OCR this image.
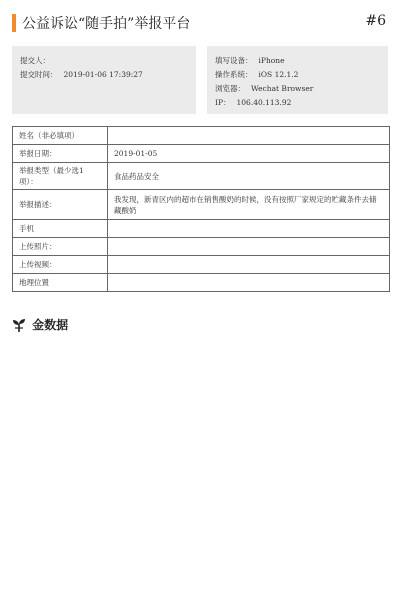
公益诉讼“随手拍”举报平台	#6
提交人：
提交时间： 2019-01-06 17:39:27
填写设备： iPhone
操作系统： iOS 12.1.2
浏览器： Wechat Browser
IP： 106.40.113.92
姓名（非必填项）	
举报日期：	2019-01-05
举报类型（最少选1项）：	食品药品安全
举报描述：	我发现，新青区内的超市在销售酸奶的时候，没有按照厂家规定的贮藏条件去储藏酸奶
手机	
上传照片：	
上传视频：	
地理位置	
金数据
